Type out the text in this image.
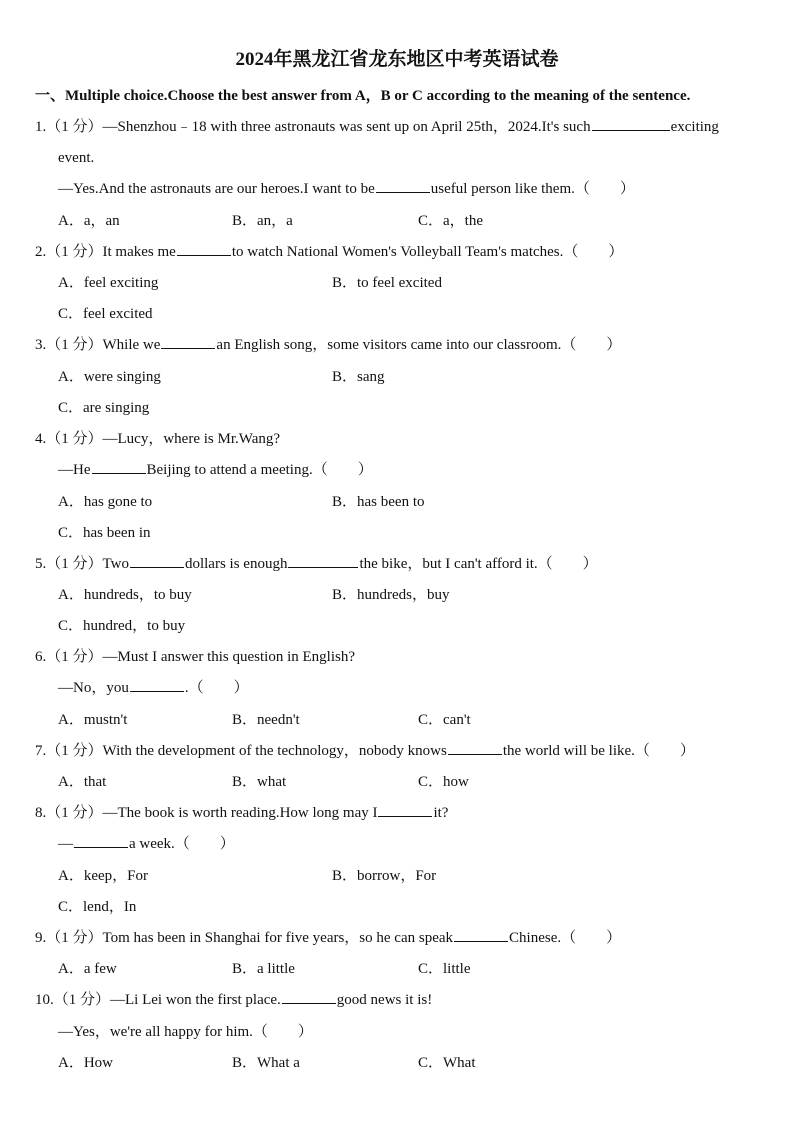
2024年黑龙江省龙东地区中考英语试卷
一、Multiple choice.Choose the best answer from A，B or C according to the meaning of the sentence.
1.（1 分）—Shenzhou﹣18 with three astronauts was sent up on April 25th，2024.It's such	exciting
event.
—Yes.And the astronauts are our heroes.I want to be	useful person like them.（　　）
A．a，an	B．an，a	C．a，the
2.（1 分）It makes me	to watch National Women's Volleyball Team's matches.（　　）
A．feel exciting	B．to feel excited
C．feel excited
3.（1 分）While we	an English song，some visitors came into our classroom.（　　）
A．were singing	B．sang
C．are singing
4.（1 分）—Lucy，where is Mr.Wang?
—He	Beijing to attend a meeting.（　　）
A．has gone to	B．has been to
C．has been in
5.（1 分）Two	dollars is enough	the bike，but I can't afford it.（　　）
A．hundreds，to buy	B．hundreds，buy
C．hundred，to buy
6.（1 分）—Must I answer this question in English?
—No，you	.（　　）
A．mustn't	B．needn't	C．can't
7.（1 分）With the development of the technology，nobody knows	the world will be like.（　　）
A．that	B．what	C．how
8.（1 分）—The book is worth reading.How long may I	it?
—	a week.（　　）
A．keep，For	B．borrow，For
C．lend，In
9.（1 分）Tom has been in Shanghai for five years，so he can speak	Chinese.（　　）
A．a few	B．a little	C．little
10.（1 分）—Li Lei won the first place.	good news it is!
—Yes，we're all happy for him.（　　）
A．How	B．What a	C．What
